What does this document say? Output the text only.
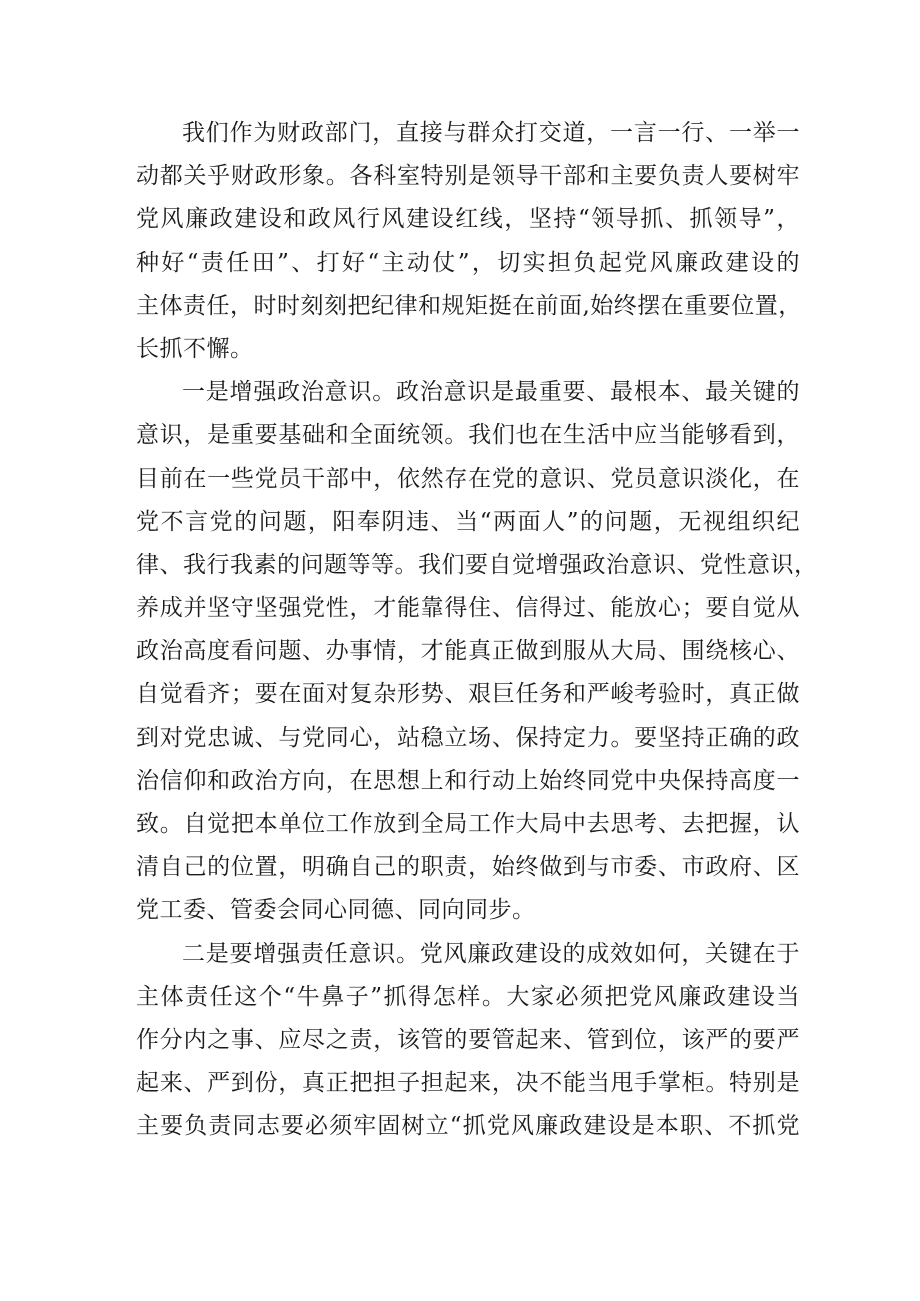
我们作为财政部门，直接与群众打交道，一言一行、一举一
动都关乎财政形象。各科室特别是领导干部和主要负责人要树牢
党风廉政建设和政风行风建设红线，坚持“领导抓、抓领导”，
种好“责任田”、打好“主动仗”，切实担负起党风廉政建设的
主体责任，时时刻刻把纪律和规矩挺在前面,始终摆在重要位置，
长抓不懈。
一是增强政治意识。政治意识是最重要、最根本、最关键的
意识，是重要基础和全面统领。我们也在生活中应当能够看到，
目前在一些党员干部中，依然存在党的意识、党员意识淡化，在
党不言党的问题，阳奉阴违、当“两面人”的问题，无视组织纪
律、我行我素的问题等等。我们要自觉增强政治意识、党性意识，
养成并坚守坚强党性，才能靠得住、信得过、能放心；要自觉从
政治高度看问题、办事情，才能真正做到服从大局、围绕核心、
自觉看齐；要在面对复杂形势、艰巨任务和严峻考验时，真正做
到对党忠诚、与党同心，站稳立场、保持定力。要坚持正确的政
治信仰和政治方向，在思想上和行动上始终同党中央保持高度一
致。自觉把本单位工作放到全局工作大局中去思考、去把握，认
清自己的位置，明确自己的职责，始终做到与市委、市政府、区
党工委、管委会同心同德、同向同步。
二是要增强责任意识。党风廉政建设的成效如何，关键在于
主体责任这个“牛鼻子”抓得怎样。大家必须把党风廉政建设当
作分内之事、应尽之责，该管的要管起来、管到位，该严的要严
起来、严到份，真正把担子担起来，决不能当甩手掌柜。特别是
主要负责同志要必须牢固树立“抓党风廉政建设是本职、不抓党
